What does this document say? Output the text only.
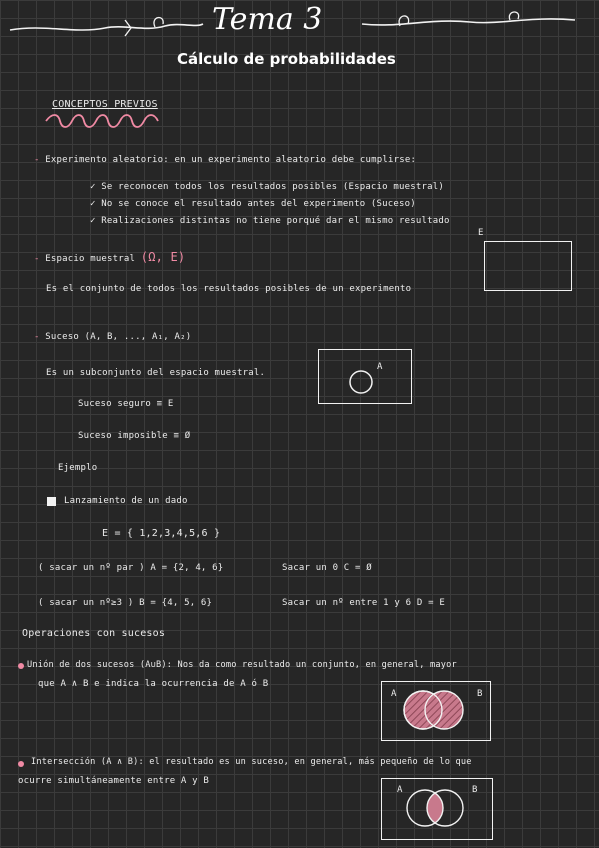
Tema 3
Cálculo de probabilidades
CONCEPTOS PREVIOS
- Experimento aleatorio: en un experimento aleatorio debe cumplirse:
✓ Se reconocen todos los resultados posibles (Espacio muestral)
✓ No se conoce el resultado antes del experimento (Suceso)
✓ Realizaciones distintas no tiene porqué dar el mismo resultado
- Espacio muestral (Ω, E)
Es el conjunto de todos los resultados posibles de un experimento
E
- Suceso (A, B, ..., A₁, A₂)
Es un subconjunto del espacio muestral.
Suceso seguro ≡ E
Suceso imposible ≡ Ø
A
Ejemplo
Lanzamiento de un dado
E = { 1,2,3,4,5,6 }
( sacar un nº par ) A = {2, 4, 6}	Sacar un 0 C = Ø
( sacar un nº≥3 ) B = {4, 5, 6}	Sacar un nº entre 1 y 6 D = E
Operaciones con sucesos
Unión de dos sucesos (A∪B): Nos da como resultado un conjunto, en general, mayor
que A ∧ B e indica la ocurrencia de A ó B
A	B
Intersección (A ∧ B): el resultado es un suceso, en general, más pequeño de lo que
ocurre simultáneamente entre A y B
A	B
